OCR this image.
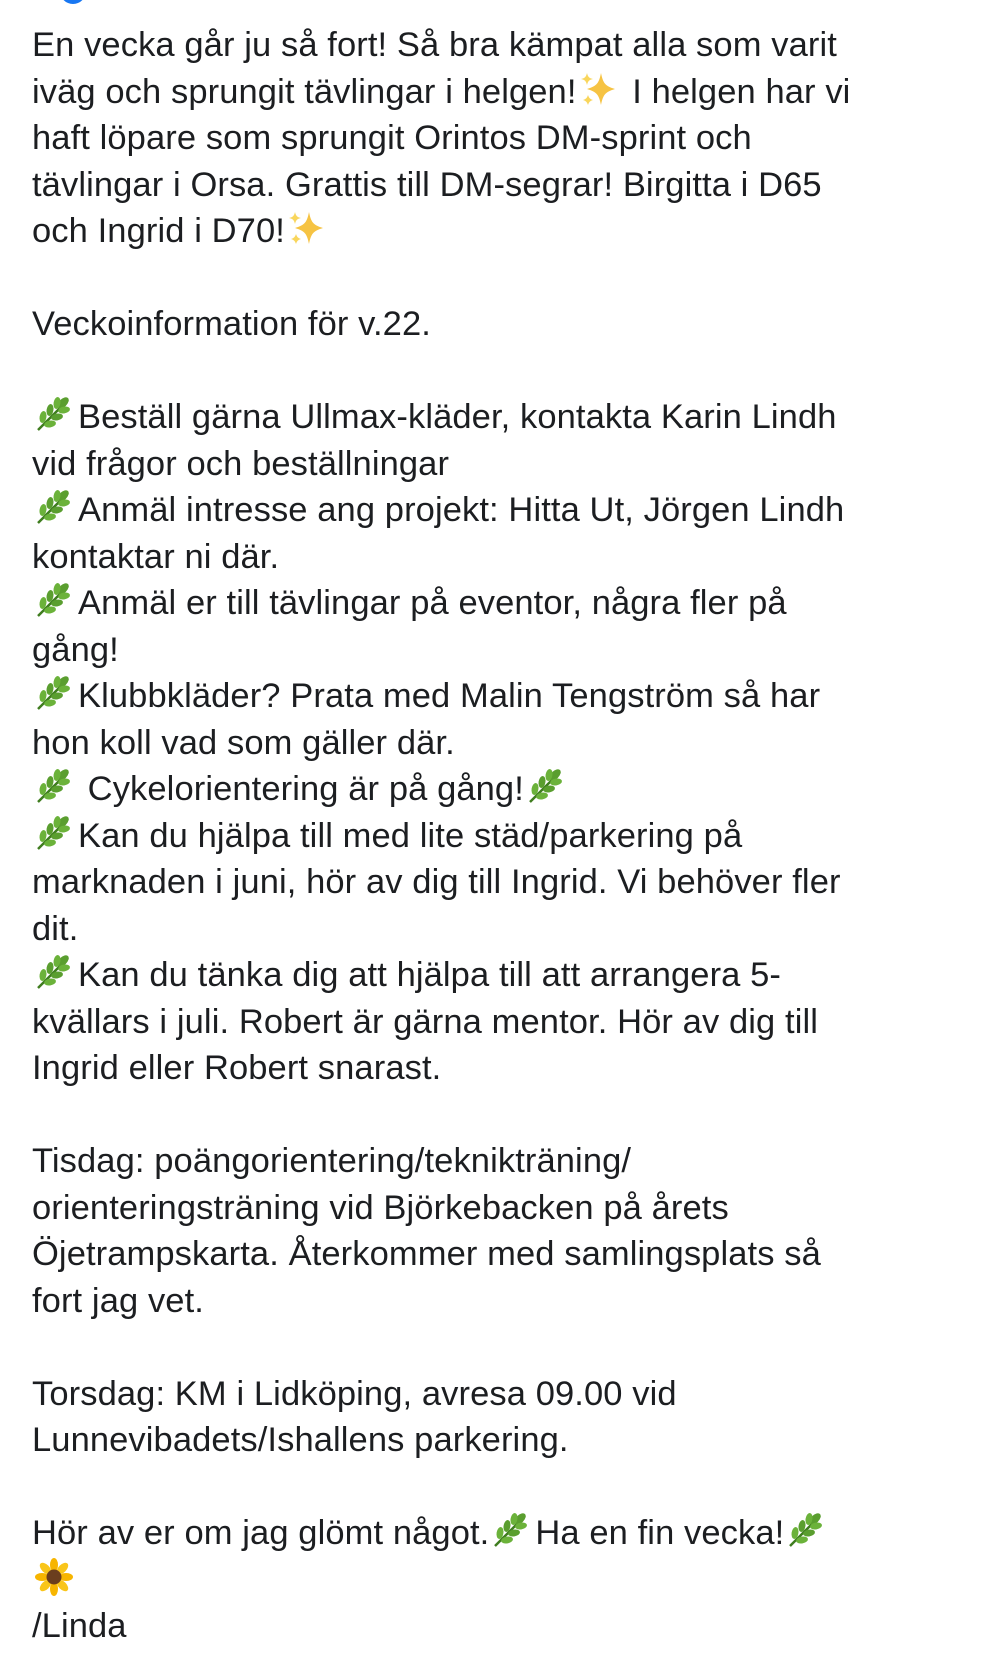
En vecka går ju så fort! Så bra kämpat alla som varit
iväg och sprungit tävlingar i helgen!
I helgen har vi
haft löpare som sprungit Orintos DM-sprint och
tävlingar i Orsa. Grattis till DM-segrar! Birgitta i D65
och Ingrid i D70!
Veckoinformation för v.22.
Beställ gärna Ullmax-kläder, kontakta Karin Lindh
vid frågor och beställningar
Anmäl intresse ang projekt: Hitta Ut, Jörgen Lindh
kontaktar ni där.
Anmäl er till tävlingar på eventor, några fler på
gång!
Klubbkläder? Prata med Malin Tengström så har
hon koll vad som gäller där.
Cykelorientering är på gång!
Kan du hjälpa till med lite städ/parkering på
marknaden i juni, hör av dig till Ingrid. Vi behöver fler
dit.
Kan du tänka dig att hjälpa till att arrangera 5-
kvällars i juli. Robert är gärna mentor. Hör av dig till
Ingrid eller Robert snarast.
Tisdag: poängorientering/teknikträning/
orienteringsträning vid Björkebacken på årets
Öjetrampskarta. Återkommer med samlingsplats så
fort jag vet.
Torsdag: KM i Lidköping, avresa 09.00 vid
Lunnevibadets/Ishallens parkering.
Hör av er om jag glömt något. Ha en fin vecka!
/Linda
